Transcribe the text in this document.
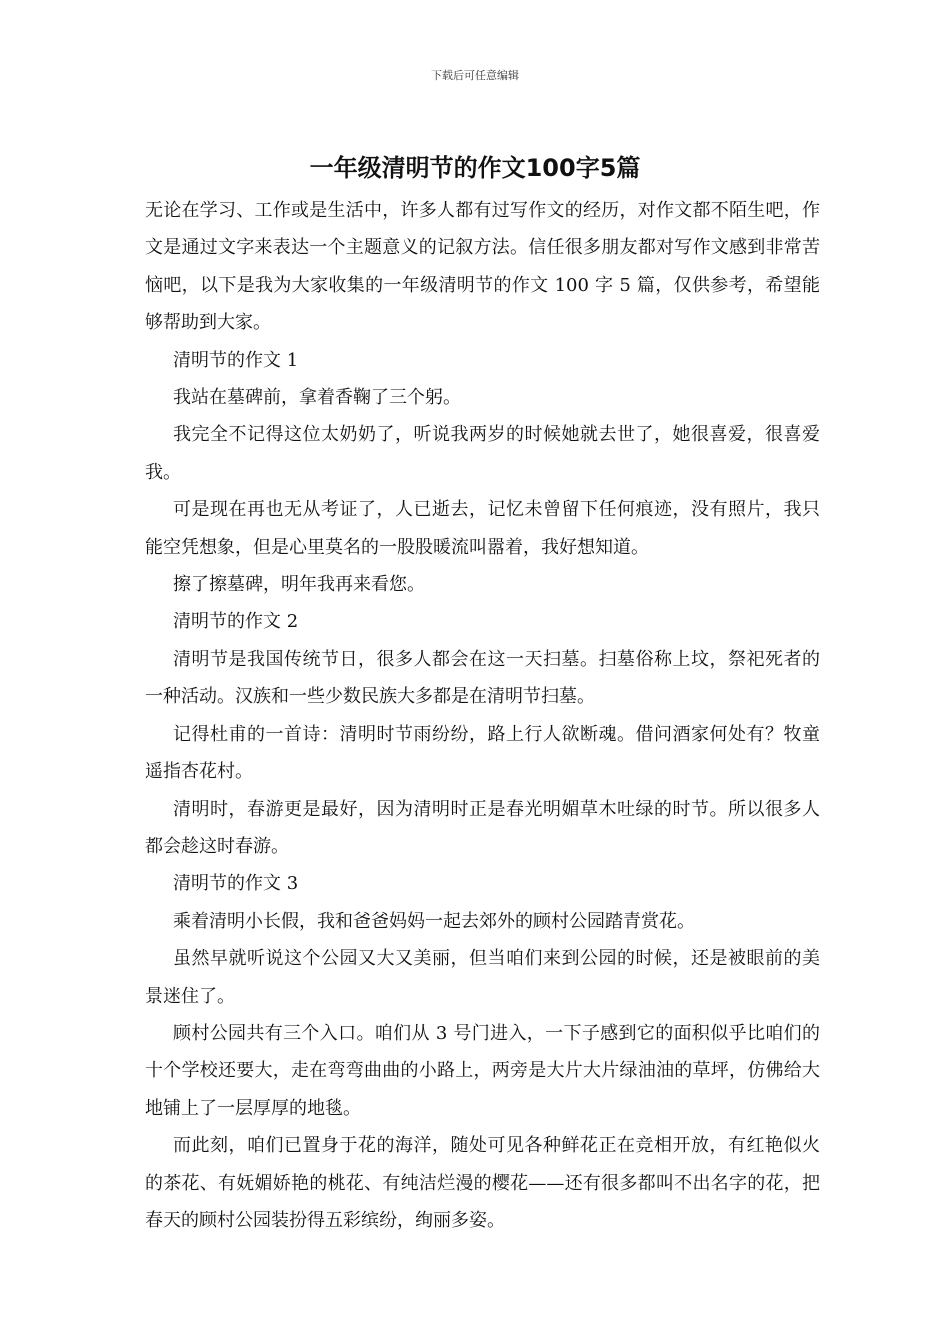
下载后可任意编辑
一年级清明节的作文100字5篇

无论在学习、工作或是生活中，许多人都有过写作文的经历，对作文都不陌生吧，作文是通过文字来表达一个主题意义的记叙方法。信任很多朋友都对写作文感到非常苦恼吧，以下是我为大家收集的一年级清明节的作文 100 字 5 篇，仅供参考，希望能够帮助到大家。

清明节的作文 1

我站在墓碑前，拿着香鞠了三个躬。

我完全不记得这位太奶奶了，听说我两岁的时候她就去世了，她很喜爱，很喜爱我。

可是现在再也无从考证了，人已逝去，记忆未曾留下任何痕迹，没有照片，我只能空凭想象，但是心里莫名的一股股暖流叫嚣着，我好想知道。

擦了擦墓碑，明年我再来看您。

清明节的作文 2

清明节是我国传统节日，很多人都会在这一天扫墓。扫墓俗称上坟，祭祀死者的一种活动。汉族和一些少数民族大多都是在清明节扫墓。

记得杜甫的一首诗：清明时节雨纷纷，路上行人欲断魂。借问酒家何处有？牧童遥指杏花村。

清明时，春游更是最好，因为清明时正是春光明媚草木吐绿的时节。所以很多人都会趁这时春游。

清明节的作文 3

乘着清明小长假，我和爸爸妈妈一起去郊外的顾村公园踏青赏花。

虽然早就听说这个公园又大又美丽，但当咱们来到公园的时候，还是被眼前的美景迷住了。

顾村公园共有三个入口。咱们从 3 号门进入，一下子感到它的面积似乎比咱们的十个学校还要大，走在弯弯曲曲的小路上，两旁是大片大片绿油油的草坪，仿佛给大地铺上了一层厚厚的地毯。

而此刻，咱们已置身于花的海洋，随处可见各种鲜花正在竞相开放，有红艳似火的茶花、有妩媚娇艳的桃花、有纯洁烂漫的樱花——还有很多都叫不出名字的花，把春天的顾村公园装扮得五彩缤纷，绚丽多姿。
